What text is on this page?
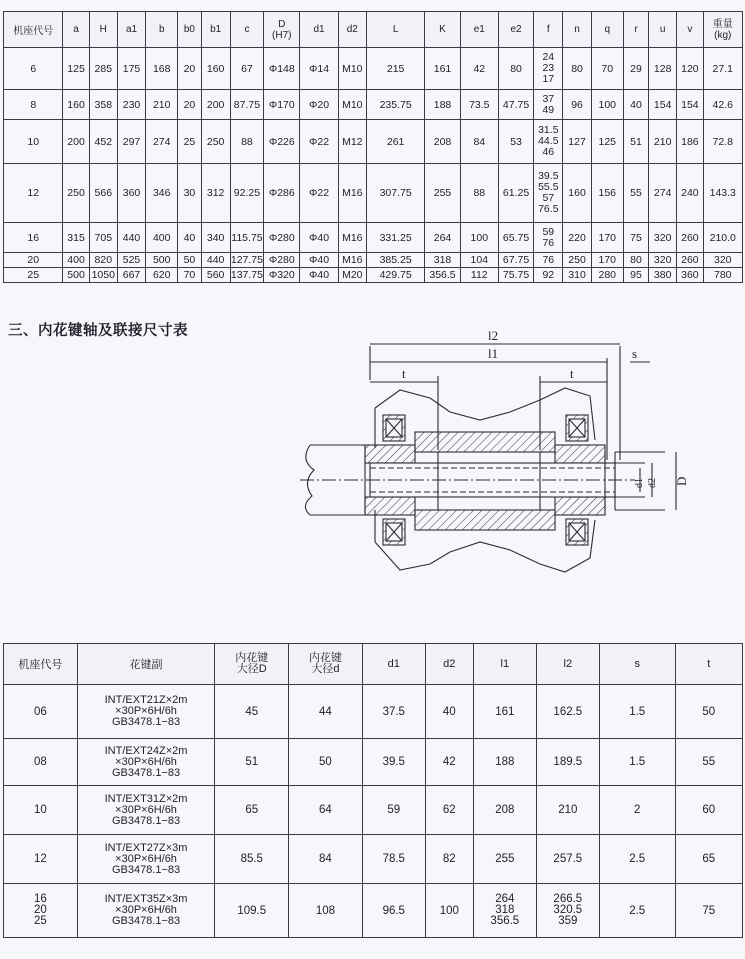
机座代号	a	H	a1	b	b0	b1	c	D
(H7)	d1	d2	L	K	e1	e2	f	n	q	r	u	v	重量
(kg)

6	125	285	175	168	20	160	67	Φ148	Φ14	M10	215	161	42	80	24
23
17	80	70	29	128	120	27.1
8	160	358	230	210	20	200	87.75	Φ170	Φ20	M10	235.75	188	73.5	47.75	37
49	96	100	40	154	154	42.6
10	200	452	297	274	25	250	88	Φ226	Φ22	M12	261	208	84	53	31.5
44.5
46	127	125	51	210	186	72.8
12	250	566	360	346	30	312	92.25	Φ286	Φ22	M16	307.75	255	88	61.25	39.5
55.5
57
76.5	160	156	55	274	240	143.3
16	315	705	440	400	40	340	115.75	Φ280	Φ40	M16	331.25	264	100	65.75	59
76	220	170	75	320	260	210.0
20	400	820	525	500	50	440	127.75	Φ280	Φ40	M16	385.25	318	104	67.75	76	250	170	80	320	260	320
25	500	1050	667	620	70	560	137.75	Φ320	Φ40	M20	429.75	356.5	112	75.75	92	310	280	95	380	360	780
三、内花键轴及联接尺寸表	l2
l1	s
t	t
d1 d2 D
机座代号	花键副	内花键
大径D	内花键
大径d	d1	d2	l1	l2	s	t
06	INT/EXT21Z×2m
×30P×6H/6h
GB3478.1−83	45	44	37.5	40	161	162.5	1.5	50
08	INT/EXT24Z×2m
×30P×6H/6h
GB3478.1−83	51	50	39.5	42	188	189.5	1.5	55
10	INT/EXT31Z×2m
×30P×6H/6h
GB3478.1−83	65	64	59	62	208	210	2	60
12	INT/EXT27Z×3m
×30P×6H/6h
GB3478.1−83	85.5	84	78.5	82	255	257.5	2.5	65

16
20
25	INT/EXT35Z×3m
×30P×6H/6h
GB3478.1−83	109.5	108	96.5	100	264
318
356.5	266.5
320.5
359	2.5	75
